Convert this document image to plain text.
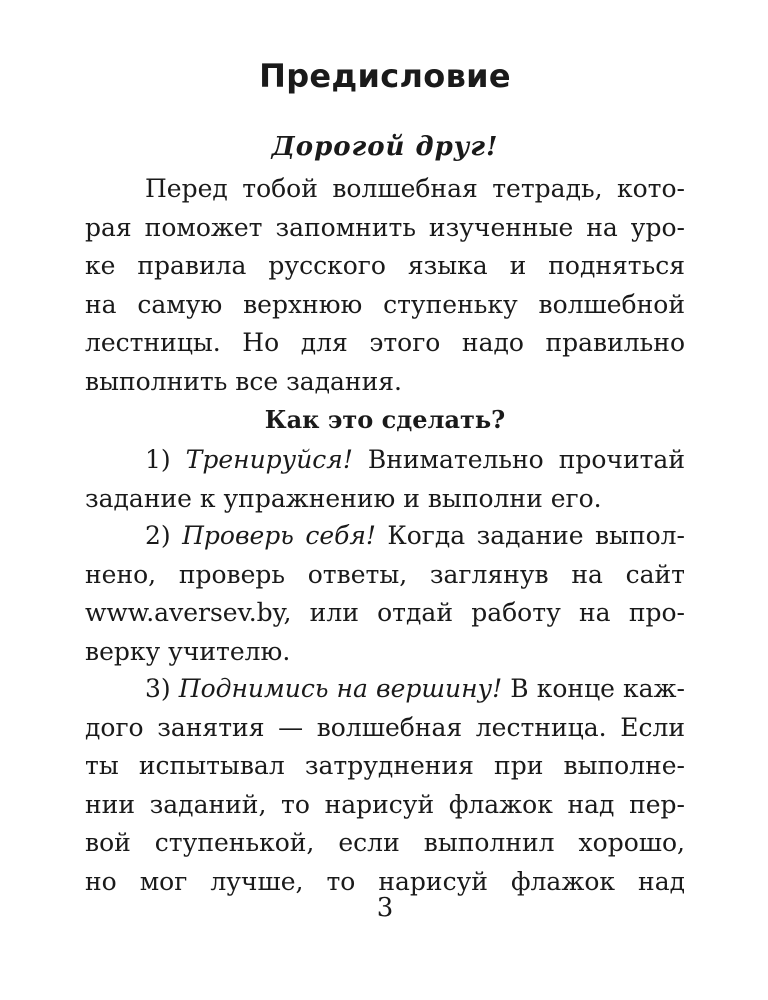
Предисловие
Дорогой друг!
Перед тобой волшебная тетрадь, кото-
рая поможет запомнить изученные на уро-
ке правила русского языка и подняться
на самую верхнюю ступеньку волшебной
лестницы. Но для этого надо правильно
выполнить все задания.
Как это сделать?
1) Тренируйся! Внимательно прочитай
задание к упражнению и выполни его.
2) Проверь себя! Когда задание выпол-
нено, проверь ответы, заглянув на сайт
www.aversev.by, или отдай работу на про-
верку учителю.
3) Поднимись на вершину! В конце каж-
дого занятия — волшебная лестница. Если
ты испытывал затруднения при выполне-
нии заданий, то нарисуй флажок над пер-
вой ступенькой, если выполнил хорошо,
но мог лучше, то нарисуй флажок над
3
